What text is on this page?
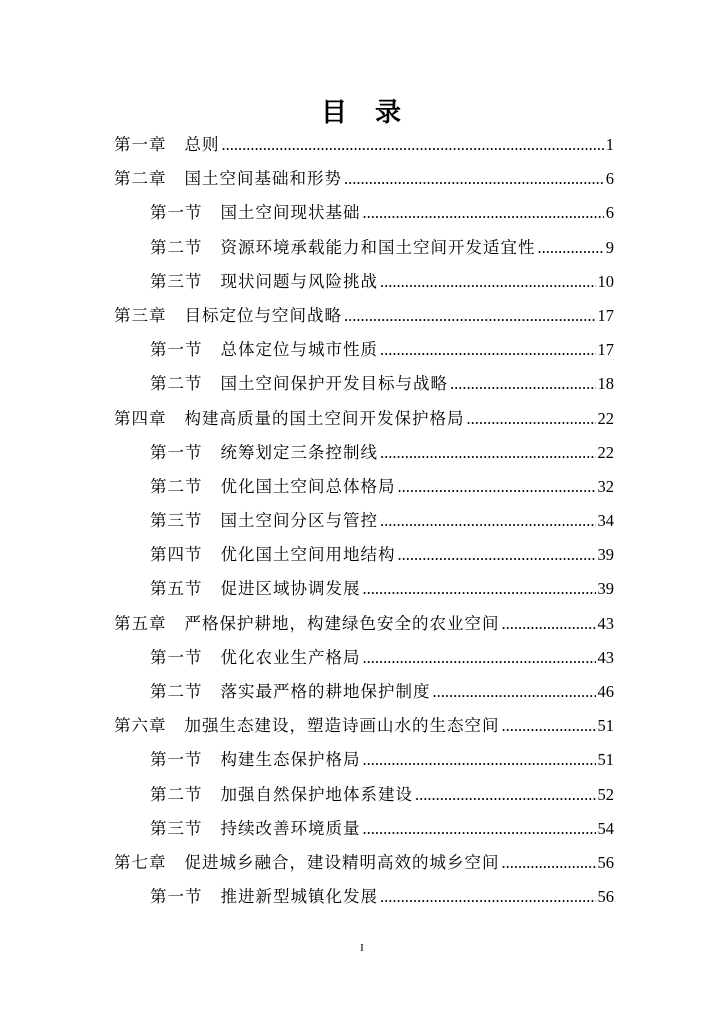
目 录
第一章	总则 .....	1
第二章	国土空间基础和形势 .....	6
第一节	国土空间现状基础 .....	6
第二节	资源环境承载能力和国土空间开发适宜性 .....	9
第三节	现状问题与风险挑战 .....	10
第三章	目标定位与空间战略 .....	17
第一节	总体定位与城市性质 .....	17
第二节	国土空间保护开发目标与战略 .....	18
第四章	构建高质量的国土空间开发保护格局 .....	22
第一节	统筹划定三条控制线 .....	22
第二节	优化国土空间总体格局 .....	32
第三节	国土空间分区与管控 .....	34
第四节	优化国土空间用地结构 .....	39
第五节	促进区域协调发展 .....	39
第五章	严格保护耕地，构建绿色安全的农业空间 .....	43
第一节	优化农业生产格局 .....	43
第二节	落实最严格的耕地保护制度 .....	46
第六章	加强生态建设，塑造诗画山水的生态空间 .....	51
第一节	构建生态保护格局 .....	51
第二节	加强自然保护地体系建设 .....	52
第三节	持续改善环境质量 .....	54
第七章	促进城乡融合，建设精明高效的城乡空间 .....	56
第一节	推进新型城镇化发展 .....	56
I
